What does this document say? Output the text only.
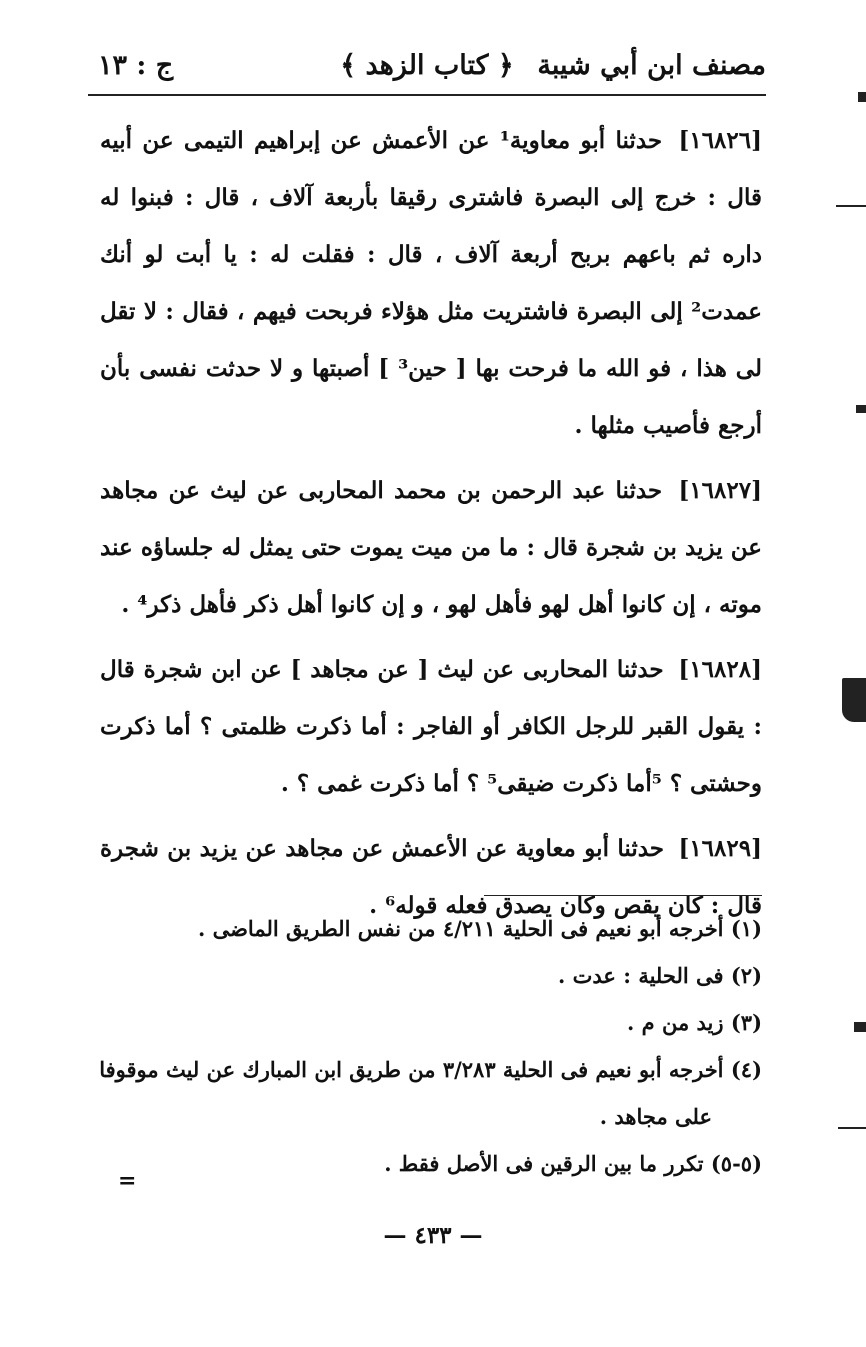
مصنف ابن أبي شيبة
﴿ كتاب الزهد ﴾
ج : ١٣

[١٦٨٢٦] حدثنا أبو معاوية¹ عن الأعمش عن إبراهيم التيمى عن أبيه قال : خرج إلى البصرة فاشترى رقيقا بأربعة آلاف ، قال : فبنوا له داره ثم باعهم بربح أربعة آلاف ، قال : فقلت له : يا أبت لو أنك عمدت² إلى البصرة فاشتريت مثل هؤلاء فربحت فيهم ، فقال : لا تقل لى هذا ، فو الله ما فرحت بها [ حين³ ] أصبتها و لا حدثت نفسى بأن أرجع فأصيب مثلها .

[١٦٨٢٧] حدثنا عبد الرحمن بن محمد المحاربى عن ليث عن مجاهد عن يزيد بن شجرة قال : ما من ميت يموت حتى يمثل له جلساؤه عند موته ، إن كانوا أهل لهو فأهل لهو ، و إن كانوا أهل ذكر فأهل ذكر⁴ .

[١٦٨٢٨] حدثنا المحاربى عن ليث [ عن مجاهد ] عن ابن شجرة قال : يقول القبر للرجل الكافر أو الفاجر : أما ذكرت ظلمتى ؟ أما ذكرت وحشتى ؟ ⁵أما ذكرت ضيقى⁵ ؟ أما ذكرت غمى ؟ .

[١٦٨٢٩] حدثنا أبو معاوية عن الأعمش عن مجاهد عن يزيد بن شجرة قال : كان يقص وكان يصدق فعله قوله⁶ .

(١) أخرجه أبو نعيم فى الحلية ٤/٢١١ من نفس الطريق الماضى .

(٢) فى الحلية : عدت .

(٣) زيد من م .

(٤) أخرجه أبو نعيم فى الحلية ٣/٢٨٣ من طريق ابن المبارك عن ليث موقوفا

على مجاهد .

(٥-٥) تكرر ما بين الرقين فى الأصل فقط .

=
— ٤٣٣ —
